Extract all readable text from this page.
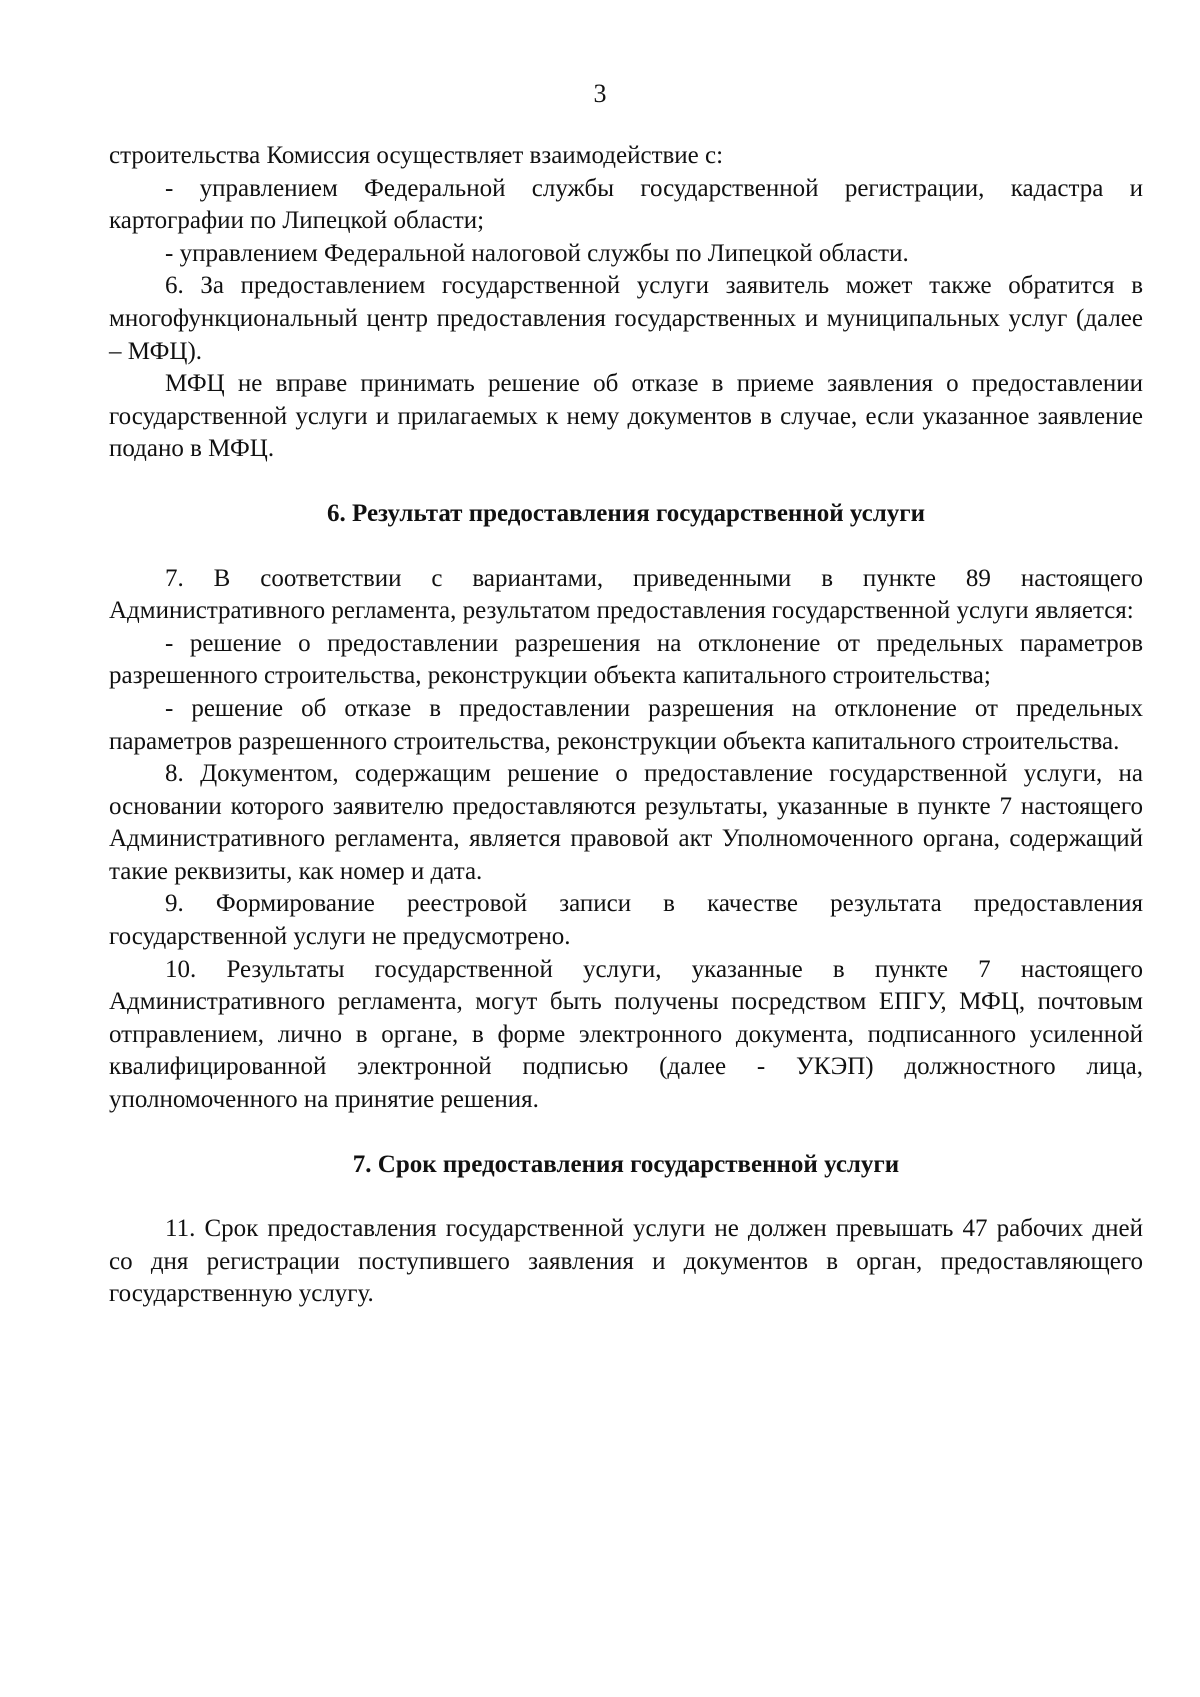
3

строительства Комиссия осуществляет взаимодействие с:

- управлением Федеральной службы государственной регистрации, кадастра и картографии по Липецкой области;

- управлением Федеральной налоговой службы по Липецкой области.

6. За предоставлением государственной услуги заявитель может также обратится в многофункциональный центр предоставления государственных и муниципальных услуг (далее – МФЦ).

МФЦ не вправе принимать решение об отказе в приеме заявления о предоставлении государственной услуги и прилагаемых к нему документов в случае, если указанное заявление подано в МФЦ.

6. Результат предоставления государственной услуги

7. В соответствии с вариантами, приведенными в пункте 89 настоящего Административного регламента, результатом предоставления государственной услуги является:

- решение о предоставлении разрешения на отклонение от предельных параметров разрешенного строительства, реконструкции объекта капитального строительства;

- решение об отказе в предоставлении разрешения на отклонение от предельных параметров разрешенного строительства, реконструкции объекта капитального строительства.

8. Документом, содержащим решение о предоставление государственной услуги, на основании которого заявителю предоставляются результаты, указанные в пункте 7 настоящего Административного регламента, является правовой акт Уполномоченного органа, содержащий такие реквизиты, как номер и дата.

9. Формирование реестровой записи в качестве результата предоставления государственной услуги не предусмотрено.

10. Результаты государственной услуги, указанные в пункте 7 настоящего Административного регламента, могут быть получены посредством ЕПГУ, МФЦ, почтовым отправлением, лично в органе, в форме электронного документа, подписанного усиленной квалифицированной электронной подписью (далее - УКЭП) должностного лица, уполномоченного на принятие решения.

7. Срок предоставления государственной услуги

11. Срок предоставления государственной услуги не должен превышать 47 рабочих дней со дня регистрации поступившего заявления и документов в орган, предоставляющего государственную услугу.
